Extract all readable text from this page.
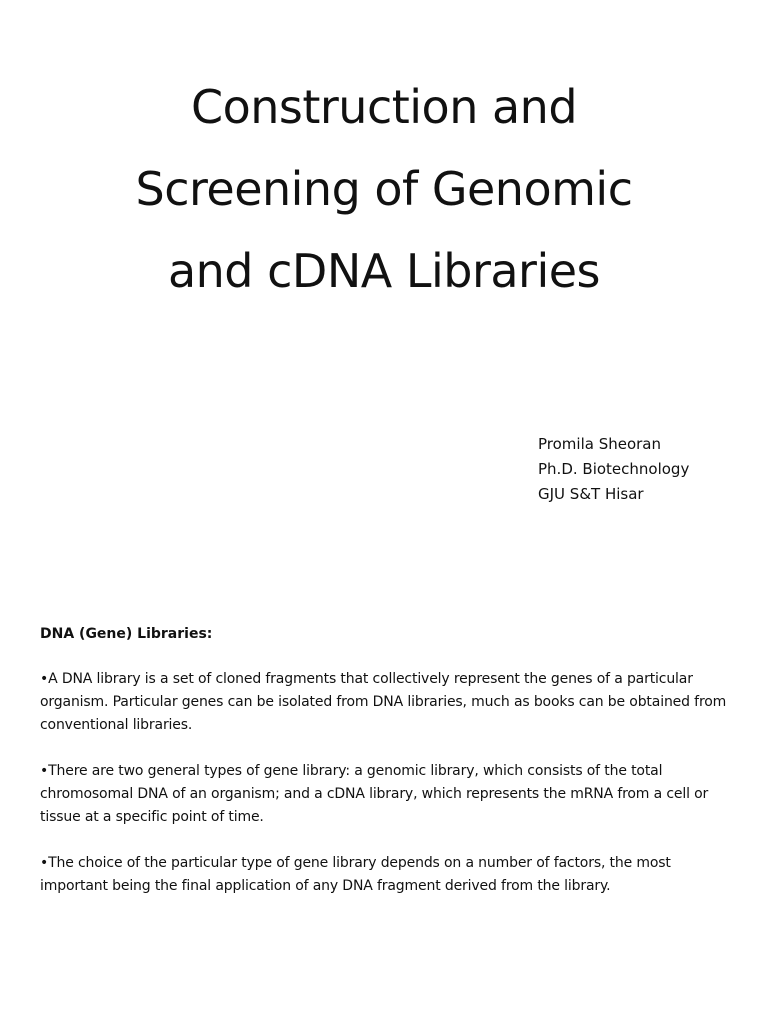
Construction and
Screening of Genomic
and cDNA Libraries
Promila Sheoran
Ph.D. Biotechnology
GJU S&T Hisar
DNA (Gene) Libraries:

•A DNA library is a set of cloned fragments that collectively represent the genes of a particular organism. Particular genes can be isolated from DNA libraries, much as books can be obtained from conventional libraries.

•There are two general types of gene library: a genomic library, which consists of the total chromosomal DNA of an organism; and a cDNA library, which represents the mRNA from a cell or tissue at a specific point of time.

•The choice of the particular type of gene library depends on a number of factors, the most important being the final application of any DNA fragment derived from the library.
